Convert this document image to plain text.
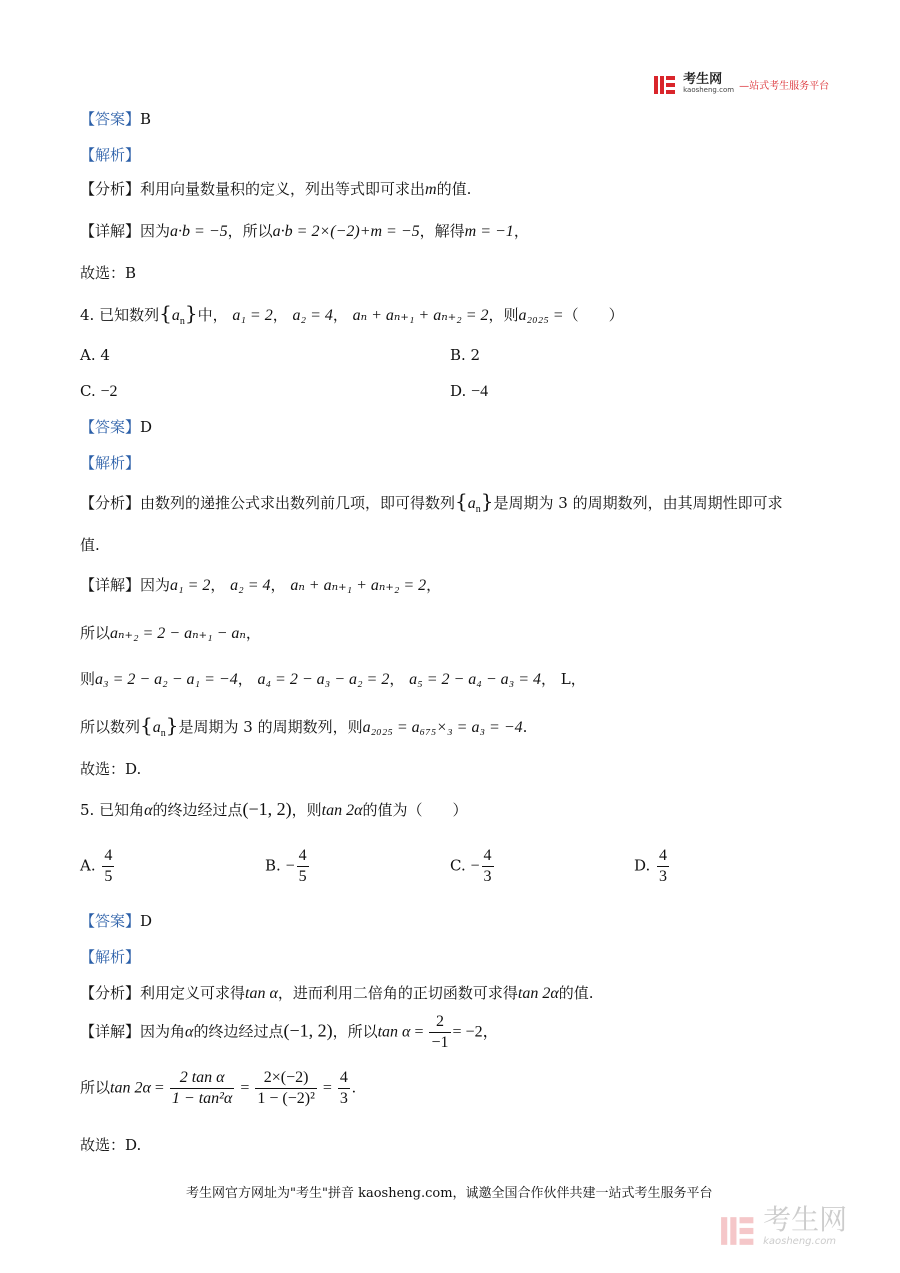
考生网
kaosheng.com —站式考生服务平台
【答案】B
【解析】
【分析】利用向量数量积的定义，列出等式即可求出m的值.
【详解】因为a·b = −5，所以a·b = 2×(−2)+m = −5，解得m = −1，
故选：B
4. 已知数列$\{a_n\}$中， a₁ = 2， a₂ = 4， aₙ + aₙ₊₁ + aₙ₊₂ = 2，则a₂₀₂₅ =（　　）
A. 4	B. 2
C. −2	D. −4
【答案】D
【解析】
【分析】由数列的递推公式求出数列前几项，即可得数列$\{a_n\}$是周期为 3 的周期数列，由其周期性即可求
值.
【详解】因为a₁ = 2， a₂ = 4， aₙ + aₙ₊₁ + aₙ₊₂ = 2，
所以aₙ₊₂ = 2 − aₙ₊₁ − aₙ，
则a₃ = 2 − a₂ − a₁ = −4， a₄ = 2 − a₃ − a₂ = 2， a₅ = 2 − a₄ − a₃ = 4， L，
所以数列$\{a_n\}$是周期为 3 的周期数列，则a₂₀₂₅ = a₆₇₅×₃ = a₃ = −4.
故选：D.
5. 已知角α的终边经过点(−1, 2)，则tan 2α的值为（　　）
A. $\frac{4}{5}$	B. − $\frac{4}{5}$	C. − $\frac{4}{3}$	D. $\frac{4}{3}$
【答案】D
【解析】
【分析】利用定义可求得tan α，进而利用二倍角的正切函数可求得tan 2α的值.
【详解】因为角α的终边经过点(−1, 2)，所以$\tan \alpha = \frac{2}{-1} = -2$，
所以$\tan 2\alpha = \frac{\text{2 tan α}}{\text{1 − tan²α}} = \frac{2\times(-2)}{\text{1 − (−2)²}} = \frac{4}{3}$ .
故选：D.
考生网官方网址为"考生"拼音 kaosheng.com，诚邀全国合作伙伴共建一站式考生服务平台

考生网
kaosheng.com
